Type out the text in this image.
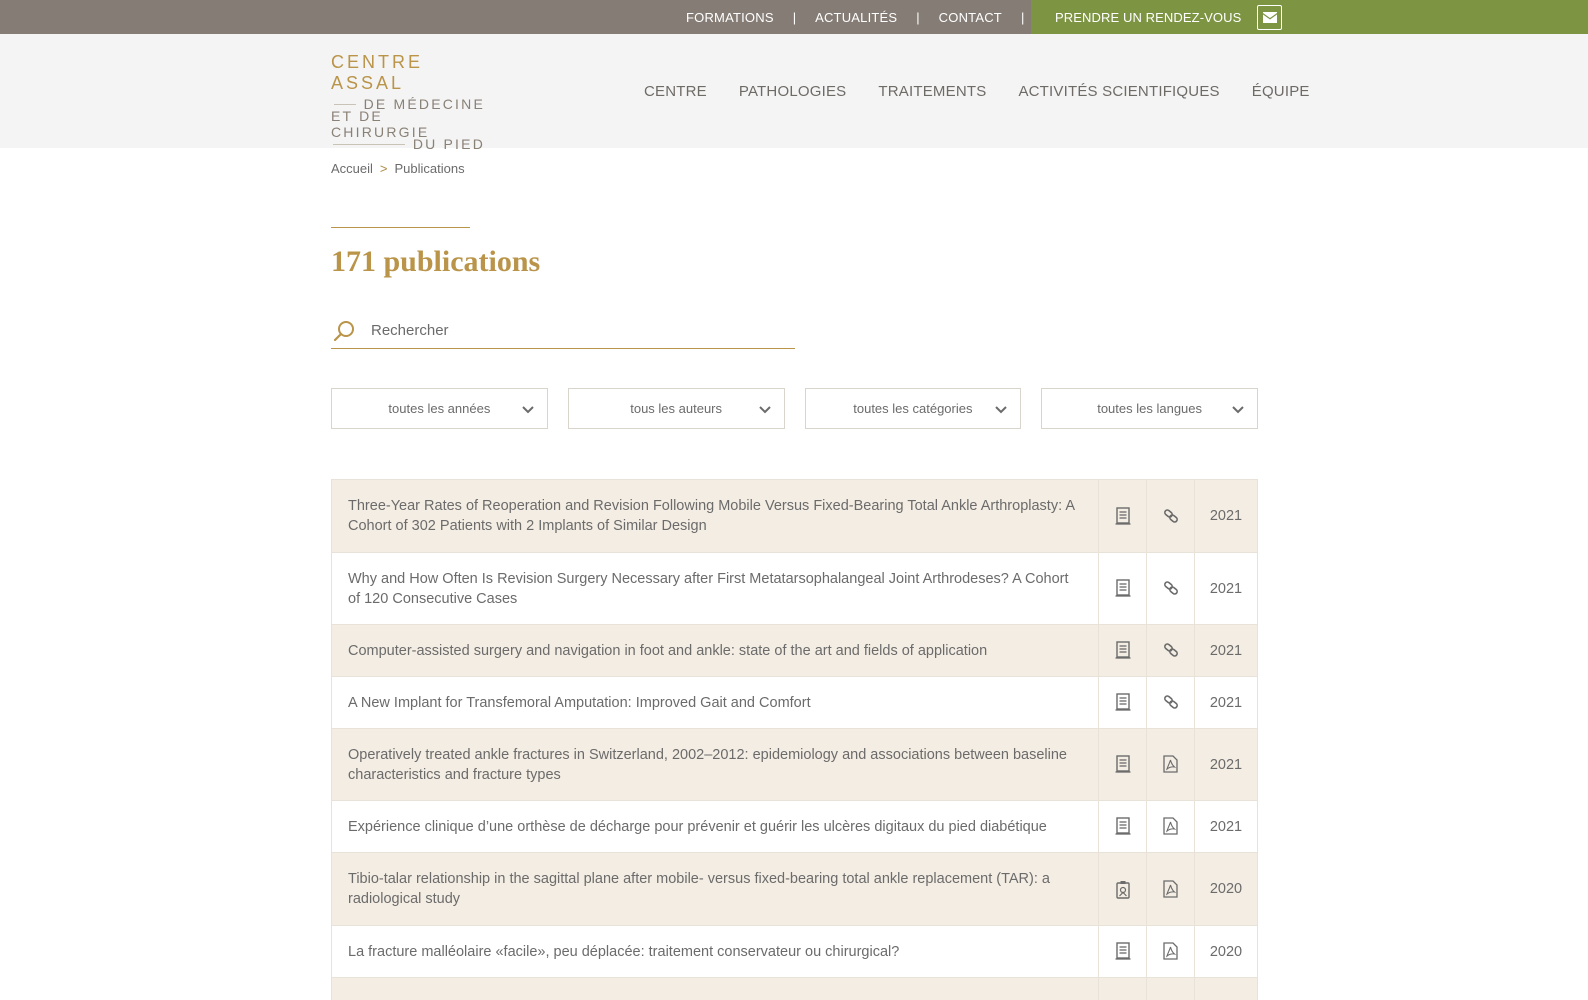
FORMATIONS | ACTUALITÉS | CONTACT | PRENDRE UN RENDEZ-VOUS
CENTRE ASSAL
DE MÉDECINE
ET DE CHIRURGIE
DU PIED
CENTRE PATHOLOGIES TRAITEMENTS ACTIVITÉS SCIENTIFIQUES ÉQUIPE
Accueil > Publications
171 publications
Rechercher
toutes les années	tous les auteurs	toutes les catégories	toutes les langues
Three-Year Rates of Reoperation and Revision Following Mobile Versus Fixed-Bearing Total Ankle Arthroplasty: A Cohort of 302 Patients with 2 Implants of Similar Design			2021
Why and How Often Is Revision Surgery Necessary after First Metatarsophalangeal Joint Arthrodeses? A Cohort of 120 Consecutive Cases			2021
Computer-assisted surgery and navigation in foot and ankle: state of the art and fields of application			2021
A New Implant for Transfemoral Amputation: Improved Gait and Comfort			2021
Operatively treated ankle fractures in Switzerland, 2002–2012: epidemiology and associations between baseline characteristics and fracture types			2021
Expérience clinique d’une orthèse de décharge pour prévenir et guérir les ulcères digitaux du pied diabétique			2021
Tibio-talar relationship in the sagittal plane after mobile- versus fixed-bearing total ankle replacement (TAR): a radiological study			2020
La fracture malléolaire «facile», peu déplacée: traitement conservateur ou chirurgical?			2020
